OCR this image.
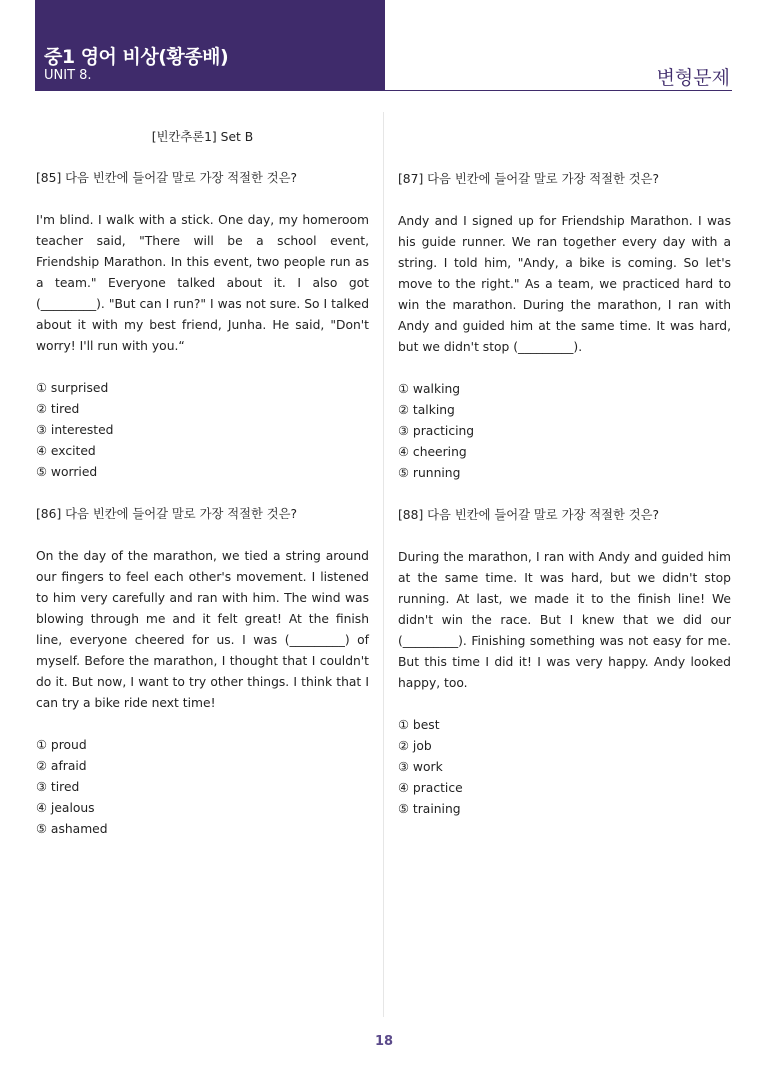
중1 영어 비상(황종배)
UNIT 8.	변형문제
[빈칸추론1] Set B

[85] 다음 빈칸에 들어갈 말로 가장 적절한 것은?

I'm blind. I walk with a stick. One day, my homeroom teacher said, "There will be a school event, Friendship Marathon. In this event, two people run as a team." Everyone talked about it. I also got (_________). "But can I run?" I was not sure. So I talked about it with my best friend, Junha. He said, "Don't worry! I'll run with you.“

① surprised
② tired
③ interested
④ excited
⑤ worried

[86] 다음 빈칸에 들어갈 말로 가장 적절한 것은?

On the day of the marathon, we tied a string around our fingers to feel each other's movement. I listened to him very carefully and ran with him. The wind was blowing through me and it felt great! At the finish line, everyone cheered for us. I was (_________) of myself. Before the marathon, I thought that I couldn't do it. But now, I want to try other things. I think that I can try a bike ride next time!

① proud
② afraid
③ tired
④ jealous
⑤ ashamed

[87] 다음 빈칸에 들어갈 말로 가장 적절한 것은?

Andy and I signed up for Friendship Marathon. I was his guide runner. We ran together every day with a string. I told him, "Andy, a bike is coming. So let's move to the right." As a team, we practiced hard to win the marathon. During the marathon, I ran with Andy and guided him at the same time. It was hard, but we didn't stop (_________).

① walking
② talking
③ practicing
④ cheering
⑤ running

[88] 다음 빈칸에 들어갈 말로 가장 적절한 것은?

During the marathon, I ran with Andy and guided him at the same time. It was hard, but we didn't stop running. At last, we made it to the finish line! We didn't win the race. But I knew that we did our (_________). Finishing something was not easy for me. But this time I did it! I was very happy. Andy looked happy, too.

① best
② job
③ work
④ practice
⑤ training
18
